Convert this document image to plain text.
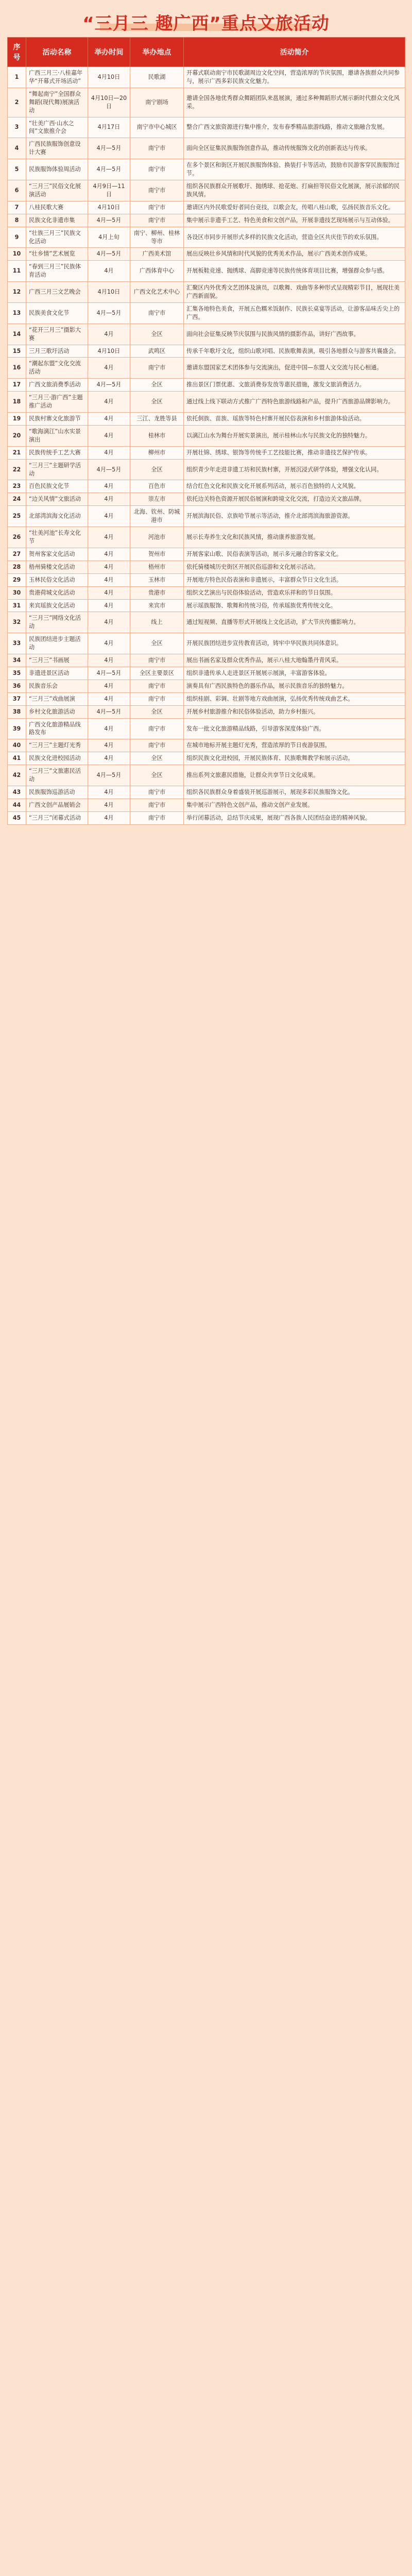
“三月三 趣广西”重点文旅活动
序号	活动名称	举办时间	举办地点	活动简介
1	广西三月三·八桂嘉年华“开幕式开场活动”	4月10日	民歌湖	开幕式联动南宁市民歌湖周边文化空间，营造浓厚的节庆氛围，邀请各族群众共同参与，展示广西多彩民族文化魅力。
2	“舞起南宁”全国群众舞蹈(现代舞)展演活动	4月10日—20日	南宁剧场	邀请全国各地优秀群众舞蹈团队来邕展演，通过多种舞蹈形式展示新时代群众文化风采。
3	“壮美广西·山水之间”文旅推介会	4月17日	南宁市中心城区	整合广西文旅资源进行集中推介，发布春季精品旅游线路，推动文旅融合发展。
4	广西民族服饰创意设计大赛	4月—5月	南宁市	面向全区征集民族服饰创意作品，推动传统服饰文化的创新表达与传承。
5	民族服饰体验周活动	4月—5月	南宁市	在多个景区和街区开展民族服饰体验、换装打卡等活动，鼓励市民游客穿民族服饰过节。
6	“三月三”民俗文化展演活动	4月9日—11日	南宁市	组织各民族群众开展歌圩、抛绣球、抢花炮、打扁担等民俗文化展演，展示浓郁的民族风情。
7	八桂民歌大赛	4月10日	南宁市	邀请区内外民歌爱好者同台竞技，以歌会友，传唱八桂山歌，弘扬民族音乐文化。
8	民族文化非遗市集	4月—5月	南宁市	集中展示非遗手工艺、特色美食和文创产品，开展非遗技艺现场展示与互动体验。
9	“壮族三月三”民族文化活动	4月上旬	南宁、柳州、桂林等市	各设区市同步开展形式多样的民族文化活动，营造全区共庆佳节的欢乐氛围。
10	“壮乡情”艺术展览	4月—5月	广西美术馆	展出反映壮乡风情和时代风貌的优秀美术作品，展示广西美术创作成果。
11	“春到三月三”民族体育活动	4月	广西体育中心	开展板鞋竞速、抛绣球、高脚竞速等民族传统体育项目比赛，增强群众参与感。
12	广西三月三文艺晚会	4月10日	广西文化艺术中心	汇聚区内外优秀文艺团体及演员，以歌舞、戏曲等多种形式呈现精彩节目，展现壮美广西新面貌。
13	民族美食文化节	4月—5月	南宁市	汇集各地特色美食，开展五色糯米饭制作、民族长桌宴等活动，让游客品味舌尖上的广西。
14	“花开三月三”摄影大赛	4月	全区	面向社会征集反映节庆氛围与民族风情的摄影作品，讲好广西故事。
15	三月三歌圩活动	4月10日	武鸣区	传承千年歌圩文化，组织山歌对唱、民族歌舞表演，吸引各地群众与游客共襄盛会。
16	“潮起东盟”文化交流活动	4月	南宁市	邀请东盟国家艺术团体参与交流演出，促进中国—东盟人文交流与民心相通。
17	广西文旅消费季活动	4月—5月	全区	推出景区门票优惠、文旅消费券发放等惠民措施，激发文旅消费活力。
18	“三月三·游广西”主题推广活动	4月	全区	通过线上线下联动方式推广广西特色旅游线路和产品，提升广西旅游品牌影响力。
19	民族村寨文化旅游节	4月	三江、龙胜等县	依托侗族、苗族、瑶族等特色村寨开展民俗表演和乡村旅游体验活动。
20	“歌海漓江”山水实景演出	4月	桂林市	以漓江山水为舞台开展实景演出，展示桂林山水与民族文化的独特魅力。
21	民族传统手工艺大赛	4月	柳州市	开展壮锦、绣球、银饰等传统手工艺技能比赛，推动非遗技艺保护传承。
22	“三月三”主题研学活动	4月—5月	全区	组织青少年走进非遗工坊和民族村寨，开展沉浸式研学体验，增强文化认同。
23	百色民族文化节	4月	百色市	结合红色文化和民族文化开展系列活动，展示百色独特的人文风貌。
24	“边关风情”文旅活动	4月	崇左市	依托边关特色资源开展民俗展演和跨境文化交流，打造边关文旅品牌。
25	北部湾滨海文化活动	4月	北海、钦州、防城港市	开展滨海民俗、京族哈节展示等活动，推介北部湾滨海旅游资源。
26	“壮美河池”长寿文化节	4月	河池市	展示长寿养生文化和民族风情，推动康养旅游发展。
27	贺州客家文化活动	4月	贺州市	开展客家山歌、民俗表演等活动，展示多元融合的客家文化。
28	梧州骑楼文化活动	4月	梧州市	依托骑楼城历史街区开展民俗巡游和文化展示活动。
29	玉林民俗文化活动	4月	玉林市	开展地方特色民俗表演和非遗展示，丰富群众节日文化生活。
30	贵港荷城文化活动	4月	贵港市	组织文艺演出与民俗体验活动，营造欢乐祥和的节日氛围。
31	来宾瑶族文化活动	4月	来宾市	展示瑶族服饰、歌舞和传统习俗，传承瑶族优秀传统文化。
32	“三月三”网络文化活动	4月	线上	通过短视频、直播等形式开展线上文化活动，扩大节庆传播影响力。
33	民族团结进步主题活动	4月	全区	开展民族团结进步宣传教育活动，铸牢中华民族共同体意识。
34	“三月三”书画展	4月	南宁市	展出书画名家及群众优秀作品，展示八桂大地翰墨丹青风采。
35	非遗进景区活动	4月—5月	全区主要景区	组织非遗传承人走进景区开展展示展演，丰富游客体验。
36	民族音乐会	4月	南宁市	演奏具有广西民族特色的器乐作品，展示民族音乐的独特魅力。
37	“三月三”戏曲展演	4月	南宁市	组织桂剧、彩调、壮剧等地方戏曲展演，弘扬优秀传统戏曲艺术。
38	乡村文化旅游活动	4月—5月	全区	开展乡村旅游推介和民俗体验活动，助力乡村振兴。
39	广西文化旅游精品线路发布	4月	南宁市	发布一批文化旅游精品线路，引导游客深度体验广西。
40	“三月三”主题灯光秀	4月	南宁市	在城市地标开展主题灯光秀，营造浓厚的节日夜游氛围。
41	民族文化进校园活动	4月	全区	组织民族文化进校园，开展民族体育、民族歌舞教学和展示活动。
42	“三月三”文旅惠民活动	4月—5月	全区	推出系列文旅惠民措施，让群众共享节日文化成果。
43	民族服饰巡游活动	4月	南宁市	组织各民族群众身着盛装开展巡游展示，展现多彩民族服饰文化。
44	广西文创产品展销会	4月	南宁市	集中展示广西特色文创产品，推动文创产业发展。
45	“三月三”闭幕式活动	4月	南宁市	举行闭幕活动，总结节庆成果，展现广西各族人民团结奋进的精神风貌。
